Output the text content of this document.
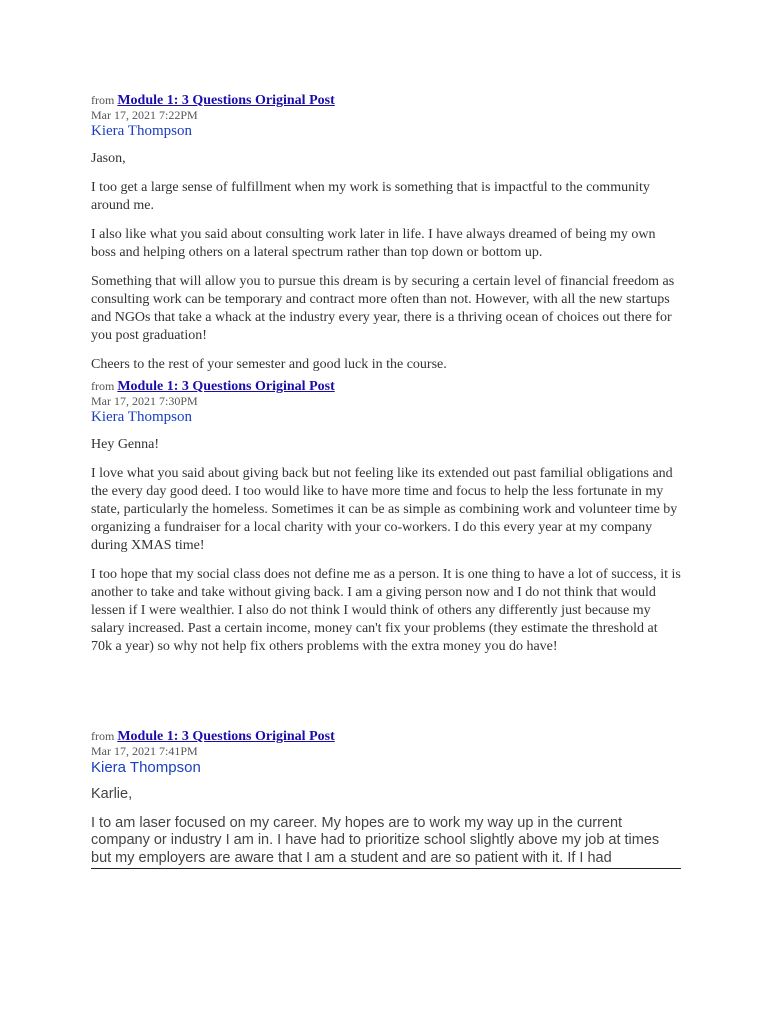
from Module 1: 3 Questions Original Post
Mar 17, 2021 7:22PM
Kiera Thompson

Jason,

I too get a large sense of fulfillment when my work is something that is impactful to the community around me.

I also like what you said about consulting work later in life. I have always dreamed of being my own boss and helping others on a lateral spectrum rather than top down or bottom up.

Something that will allow you to pursue this dream is by securing a certain level of financial freedom as consulting work can be temporary and contract more often than not. However, with all the new startups and NGOs that take a whack at the industry every year, there is a thriving ocean of choices out there for you post graduation!

Cheers to the rest of your semester and good luck in the course.

from Module 1: 3 Questions Original Post
Mar 17, 2021 7:30PM
Kiera Thompson

Hey Genna!

I love what you said about giving back but not feeling like its extended out past familial obligations and the every day good deed. I too would like to have more time and focus to help the less fortunate in my state, particularly the homeless. Sometimes it can be as simple as combining work and volunteer time by organizing a fundraiser for a local charity with your co-workers. I do this every year at my company during XMAS time!

I too hope that my social class does not define me as a person. It is one thing to have a lot of success, it is another to take and take without giving back. I am a giving person now and I do not think that would lessen if I were wealthier. I also do not think I would think of others any differently just because my salary increased. Past a certain income, money can't fix your problems (they estimate the threshold at 70k a year) so why not help fix others problems with the extra money you do have!

from Module 1: 3 Questions Original Post
Mar 17, 2021 7:41PM
Kiera Thompson

Karlie,

I to am laser focused on my career. My hopes are to work my way up in the current company or industry I am in. I have had to prioritize school slightly above my job at times but my employers are aware that I am a student and are so patient with it. If I had
